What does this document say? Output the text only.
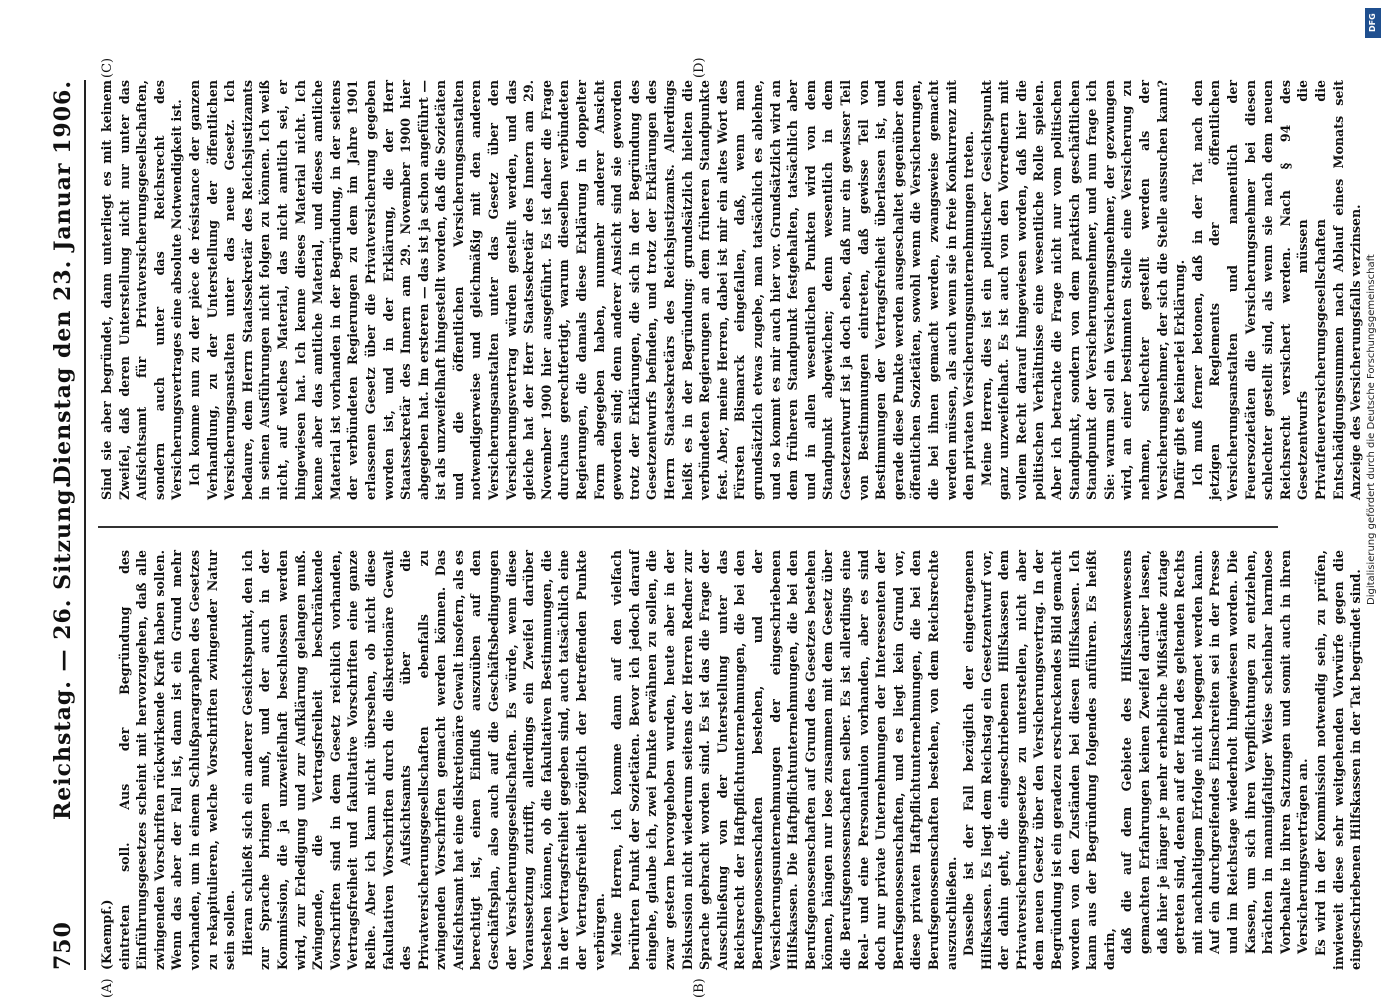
750
Reichstag. — 26. Sitzung.
Dienstag den 23. Januar 1906.
(A)	(B)
(C)	(D)

(Kaempf.) eintreten soll. Aus der Begründung des Einführungsgesetzes scheint mit hervorzugehen, daß alle zwingenden Vorschriften rückwirkende Kraft haben sollen. Wenn das aber der Fall ist, dann ist ein Grund mehr vorhanden, um in einem Schlußparagraphen des Gesetzes zu rekapitulieren, welche Vorschriften zwingender Natur sein sollen. Hieran schließt sich ein anderer Gesichtspunkt, den ich zur Sprache bringen muß, und der auch in der Kommission, die ja unzweifelhaft beschlossen werden wird, zur Erledigung und zur Aufklärung gelangen muß. Zwingende, die Vertragsfreiheit beschränkende Vorschriften sind in dem Gesetz reichlich vorhanden, Vertragsfreiheit und fakultative Vorschriften eine ganze Reihe. Aber ich kann nicht übersehen, ob nicht diese fakultativen Vorschriften durch die diskretionäre Gewalt des Aufsichtsamts über die Privatversicherungsgesellschaften ebenfalls zu zwingenden Vorschriften gemacht werden können. Das Aufsichtsamt hat eine diskretionäre Gewalt insofern, als es berechtigt ist, einen Einfluß auszuüben auf den Geschäftsplan, also auch auf die Geschäftsbedingungen der Versicherungsgesellschaften. Es würde, wenn diese Voraussetzung zutrifft, allerdings ein Zweifel darüber bestehen können, ob die fakultativen Bestimmungen, die in der Vertragsfreiheit gegeben sind, auch tatsächlich eine der Vertragsfreiheit bezüglich der betreffenden Punkte verbürgen. Meine Herren, ich komme dann auf den vielfach berührten Punkt der Sozietäten. Bevor ich jedoch darauf eingehe, glaube ich, zwei Punkte erwähnen zu sollen, die zwar gestern hervorgehoben wurden, heute aber in der Diskussion nicht wiederum seitens der Herren Redner zur Sprache gebracht worden sind. Es ist das die Frage der Ausschließung von der Unterstellung unter das Reichsrecht der Haftpflichtunternehmungen, die bei den Berufsgenossenschaften bestehen, und der Versicherungsunternehmungen der eingeschriebenen Hilfskassen. Die Haftpflichtunternehmungen, die bei den Berufsgenossenschaften auf Grund des Gesetzes bestehen können, hängen nur lose zusammen mit dem Gesetz über die Berufsgenossenschaften selber. Es ist allerdings eine Real- und eine Personalunion vorhanden, aber es sind doch nur private Unternehmungen der Interessenten der Berufsgenossenschaften, und es liegt kein Grund vor, diese privaten Haftpflichtunternehmungen, die bei den Berufsgenossenschaften bestehen, von dem Reichsrechte auszuschließen. Dasselbe ist der Fall bezüglich der eingetragenen Hilfskassen. Es liegt dem Reichstag ein Gesetzentwurf vor, der dahin geht, die eingeschriebenen Hilfskassen dem Privatversicherungsgesetze zu unterstellen, nicht aber dem neuen Gesetz über den Versicherungsvertrag. In der Begründung ist ein geradezu erschreckendes Bild gemacht worden von den Zuständen bei diesen Hilfskassen. Ich kann aus der Begründung folgendes anführen. Es heißt darin, daß die auf dem Gebiete des Hilfskassenwesens gemachten Erfahrungen keinen Zweifel darüber lassen, daß hier je länger je mehr erhebliche Mißstände zutage getreten sind, denen auf der Hand des geltenden Rechts mit nachhaltigem Erfolge nicht begegnet werden kann. Auf ein durchgreifendes Einschreiten sei in der Presse und im Reichstage wiederholt hingewiesen worden. Die Kassen, um sich ihren Verpflichtungen zu entziehen, brächten in mannigfaltiger Weise scheinbar harmlose Vorbehalte in ihren Satzungen und somit auch in ihren Versicherungsverträgen an. Es wird in der Kommission notwendig sein, zu prüfen, inwieweit diese sehr weitgehenden Vorwürfe gegen die eingeschriebenen Hilfskassen in der Tat begründet sind.

Sind sie aber begründet, dann unterliegt es mit keinem Zweifel, daß deren Unterstellung nicht nur unter das Aufsichtsamt für Privatversicherungsgesellschaften, sondern auch unter das Reichsrecht des Versicherungsvertrages eine absolute Notwendigkeit ist. Ich komme nun zu der pièce de résistance der ganzen Verhandlung, zu der Unterstellung der öffentlichen Versicherungsanstalten unter das neue Gesetz. Ich bedaure, dem Herrn Staatssekretär des Reichsjustizamts in seinen Ausführungen nicht folgen zu können. Ich weiß nicht, auf welches Material, das nicht amtlich sei, er hingewiesen hat. Ich kenne dieses Material nicht. Ich kenne aber das amtliche Material, und dieses amtliche Material ist vorhanden in der Begründung, in der seitens der verbündeten Regierungen zu dem im Jahre 1901 erlassenen Gesetz über die Privatversicherung gegeben worden ist, und in der Erklärung, die der Herr Staatssekretär des Innern am 29. November 1900 hier abgegeben hat. Im ersteren — das ist ja schon angeführt — ist als unzweifelhaft hingestellt worden, daß die Sozietäten und die öffentlichen Versicherungsanstalten notwendigerweise und gleichmäßig mit den anderen Versicherungsanstalten unter das Gesetz über den Versicherungsvertrag würden gestellt werden, und das gleiche hat der Herr Staatssekretär des Innern am 29. November 1900 hier ausgeführt. Es ist daher die Frage durchaus gerechtfertigt, warum dieselben verbündeten Regierungen, die damals diese Erklärung in doppelter Form abgegeben haben, nunmehr anderer Ansicht geworden sind; denn anderer Ansicht sind sie geworden trotz der Erklärungen, die sich in der Begründung des Gesetzentwurfs befinden, und trotz der Erklärungen des Herrn Staatssekretärs des Reichsjustizamts. Allerdings heißt es in der Begründung: grundsätzlich hielten die verbündeten Regierungen an dem früheren Standpunkte fest. Aber, meine Herren, dabei ist mir ein altes Wort des Fürsten Bismarck eingefallen, daß, wenn man grundsätzlich etwas zugebe, man tatsächlich es ablehne, und so kommt es mir auch hier vor. Grundsätzlich wird an dem früheren Standpunkt festgehalten, tatsächlich aber und in allen wesentlichen Punkten wird von dem Standpunkt abgewichen; denn wesentlich in dem Gesetzentwurf ist ja doch eben, daß nur ein gewisser Teil von Bestimmungen eintreten, daß gewisse Teil von Bestimmungen der Vertragsfreiheit überlassen ist, und gerade diese Punkte werden ausgeschaltet gegenüber den öffentlichen Sozietäten, sowohl wenn die Versicherungen, die bei ihnen gemacht werden, zwangsweise gemacht werden müssen, als auch wenn sie in freie Konkurrenz mit den privaten Versicherungsunternehmungen treten. Meine Herren, dies ist ein politischer Gesichtspunkt ganz unzweifelhaft. Es ist auch von den Vorrednern mit vollem Recht darauf hingewiesen worden, daß hier die politischen Verhältnisse eine wesentliche Rolle spielen. Aber ich betrachte die Frage nicht nur vom politischen Standpunkt, sondern von dem praktisch geschäftlichen Standpunkt der Versicherungsnehmer, und nun frage ich Sie: warum soll ein Versicherungsnehmer, der gezwungen wird, an einer bestimmten Stelle eine Versicherung zu nehmen, schlechter gestellt werden als der Versicherungsnehmer, der sich die Stelle aussuchen kann? Dafür gibt es keinerlei Erklärung. Ich muß ferner betonen, daß in der Tat nach den jetzigen Reglements der öffentlichen Versicherungsanstalten und namentlich der Feuersozietäten die Versicherungsnehmer bei diesen schlechter gestellt sind, als wenn sie nach dem neuen Reichsrecht versichert werden. Nach § 94 des Gesetzentwurfs müssen die Privatfeuerversicherungsgesellschaften die Entschädigungssummen nach Ablauf eines Monats seit Anzeige des Versicherungsfalls verzinsen.

DFG
Digitalisierung gefördert durch die Deutsche Forschungsgemeinschaft
